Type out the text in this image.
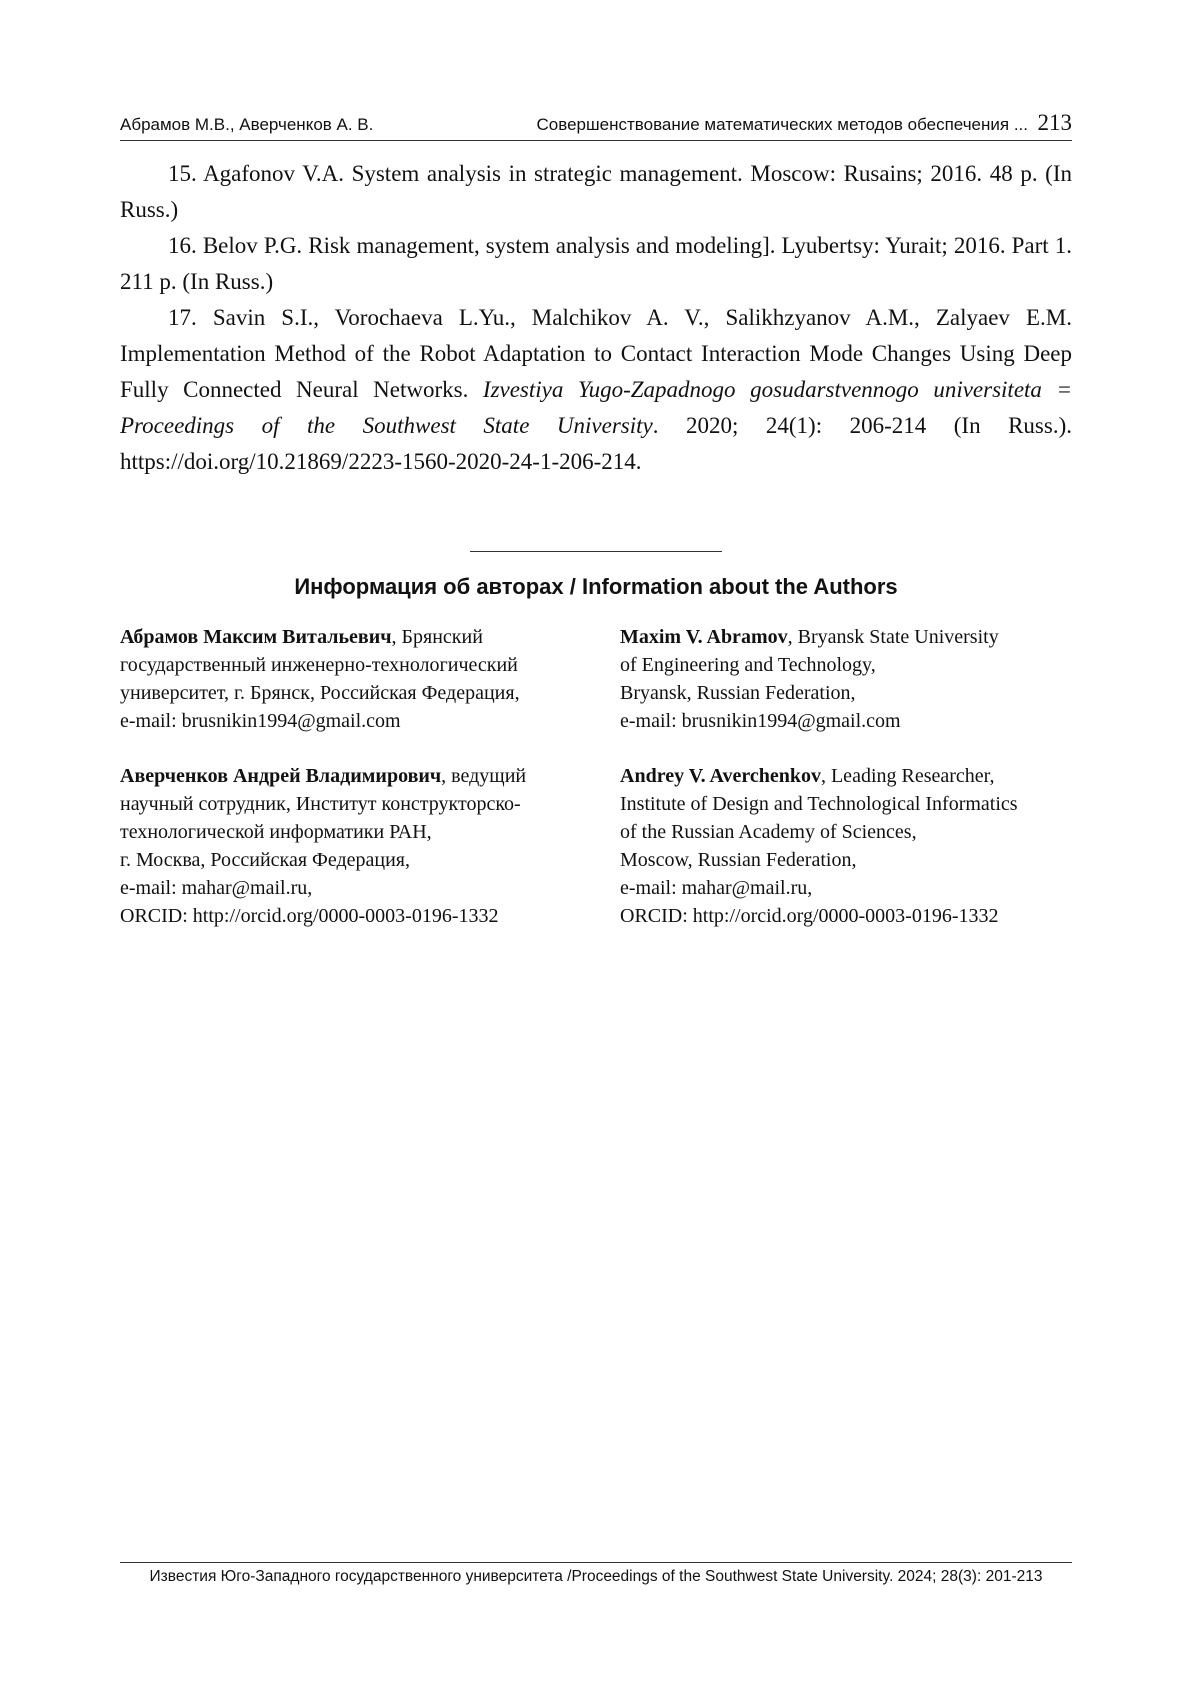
Абрамов М.В., Аверченков А. В.	Совершенствование математических методов обеспечения ... 213

15. Agafonov V.A. System analysis in strategic management. Moscow: Rusains; 2016. 48 p. (In Russ.)

16. Belov P.G. Risk management, system analysis and modeling]. Lyubertsy: Yurait; 2016. Part 1. 211 p. (In Russ.)

17. Savin S.I., Vorochaeva L.Yu., Malchikov A. V., Salikhzyanov A.M., Zalyaev E.M. Implementation Method of the Robot Adaptation to Contact Interaction Mode Changes Using Deep Fully Connected Neural Networks. Izvestiya Yugo-Zapadnogo gosudarstvennogo universiteta = Proceedings of the Southwest State University. 2020; 24(1): 206-214 (In Russ.). https://doi.org/10.21869/2223-1560-2020-24-1-206-214.

Информация об авторах / Information about the Authors

Абрамов Максим Витальевич, Брянский

государственный инженерно-технологический

университет, г. Брянск, Российская Федерация,

e-mail: brusnikin1994@gmail.com

Maxim V. Abramov, Bryansk State University

of Engineering and Technology,

Bryansk, Russian Federation,

e-mail: brusnikin1994@gmail.com

Аверченков Андрей Владимирович, ведущий

научный сотрудник, Институт конструкторско-

технологической информатики РАН,

г. Москва, Российская Федерация,

e-mail: mahar@mail.ru,

ORCID: http://orcid.org/0000-0003-0196-1332

Andrey V. Averchenkov, Leading Researcher,

Institute of Design and Technological Informatics

of the Russian Academy of Sciences,

Moscow, Russian Federation,

e-mail: mahar@mail.ru,

ORCID: http://orcid.org/0000-0003-0196-1332

Известия Юго-Западного государственного университета /Proceedings of the Southwest State University. 2024; 28(3): 201-213
